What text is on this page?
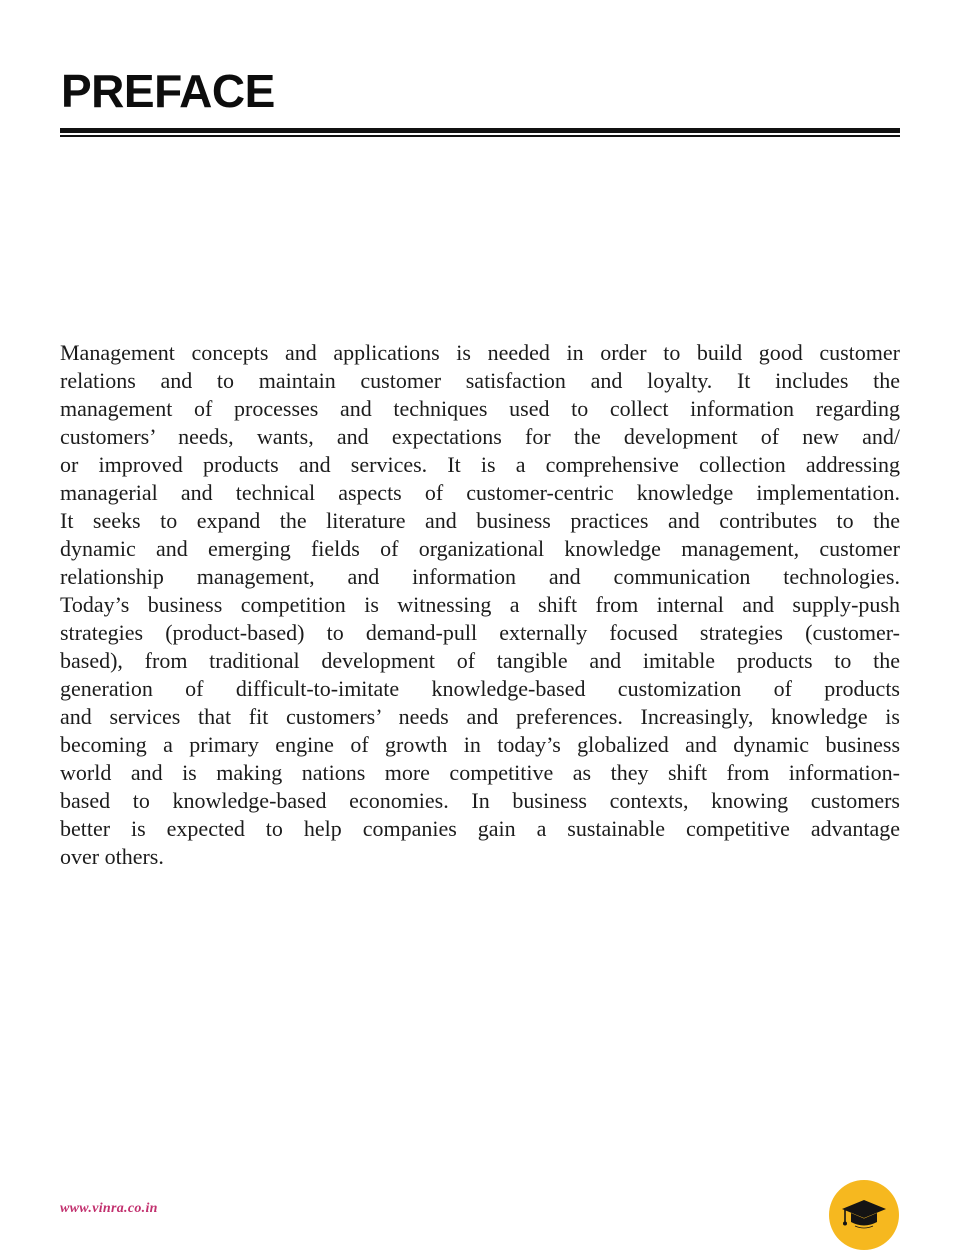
PREFACE
Management concepts and applications is needed in order to build good customer
relations and to maintain customer satisfaction and loyalty. It includes the
management of processes and techniques used to collect information regarding
customers’ needs, wants, and expectations for the development of new and/
or improved products and services. It is a comprehensive collection addressing
managerial and technical aspects of customer-centric knowledge implementation.
It seeks to expand the literature and business practices and contributes to the
dynamic and emerging fields of organizational knowledge management, customer
relationship management, and information and communication technologies.
Today’s business competition is witnessing a shift from internal and supply-push
strategies (product-based) to demand-pull externally focused strategies (customer-
based), from traditional development of tangible and imitable products to the
generation of difficult-to-imitate knowledge-based customization of products
and services that fit customers’ needs and preferences. Increasingly, knowledge is
becoming a primary engine of growth in today’s globalized and dynamic business
world and is making nations more competitive as they shift from information-
based to knowledge-based economies. In business contexts, knowing customers
better is expected to help companies gain a sustainable competitive advantage
over others.
www.vinra.co.in
